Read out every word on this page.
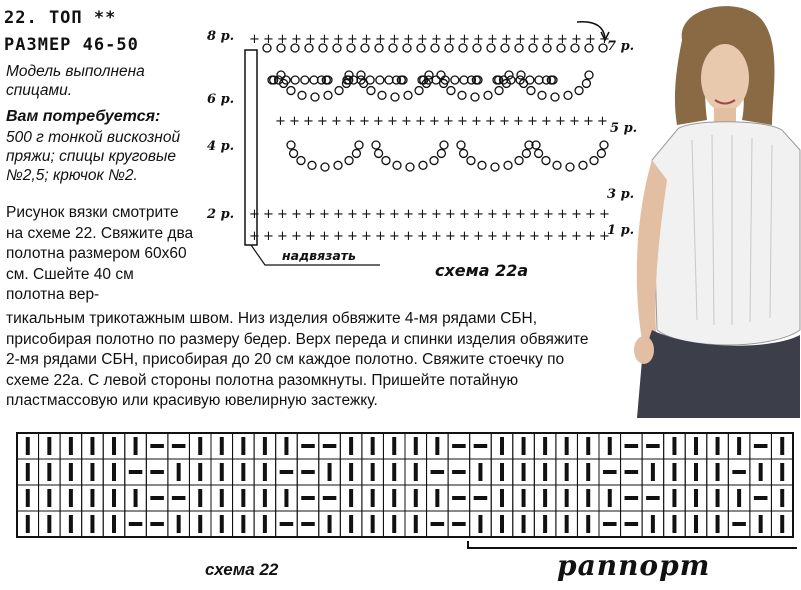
22. ТОП **
РАЗМЕР 46-50
Модель выполнена спицами.
Вам потребуется:
500 г тонкой вискозной пряжи; спицы круговые №2,5; крючок №2.
Рисунок вязки смотрите на схеме 22. Свяжите два полотна размером 60х60 см. Сшейте 40 см полотна вер-
тикальным трикотажным швом. Низ изделия обвяжите 4-мя рядами СБН, присобирая полотно по размеру бедер. Верх переда и спинки изделия обвяжите 2-мя рядами СБН, присобирая до 20 см каждое полотно. Свяжите стоечку по схеме 22а. С левой стороны полотна разомкнуты. Пришейте потайную пластмассовую или красивую ювелирную застежку.
8 р.
6 р.
4 р.
2 р.
7 р.
5 р.
3 р.
1 р.
+ + + + + + + + + + + + + + + + + + + + + + + + + +
+ + + + + + + + + + + + + + + + + + + + + + + + + +
+ + + + + + + + + + + + + + + + + + + + + + + + + +
+ + + + + + + + + + + + + + + + + + + + + + + +
надвязать
схема 22а
схема 22	раппорт
